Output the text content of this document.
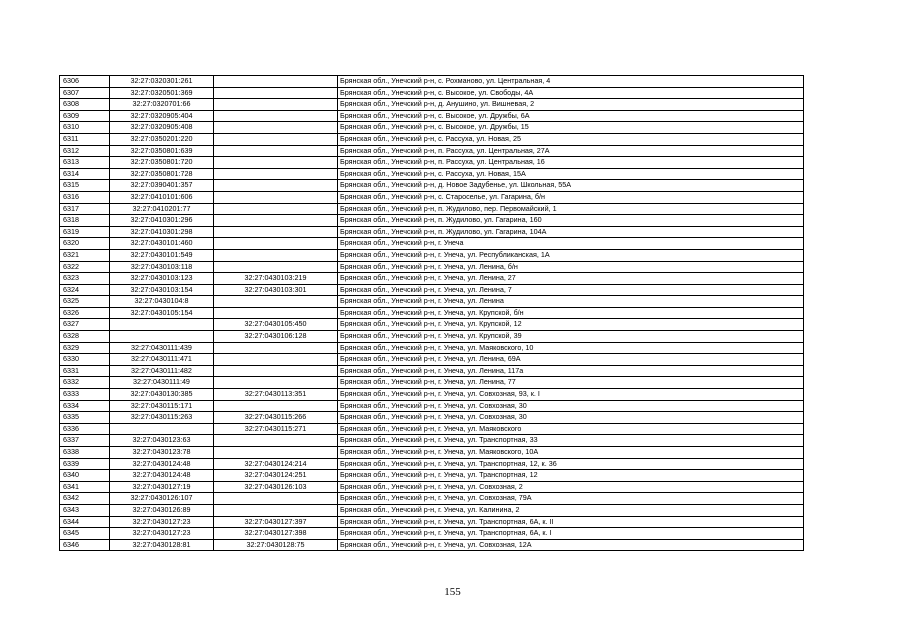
6306	32:27:0320301:261		Брянская обл., Унечский р-н, с. Рохманово, ул. Центральная, 4
6307	32:27:0320501:369		Брянская обл., Унечский р-н, с. Высокое, ул. Свободы, 4А
6308	32:27:0320701:66		Брянская обл., Унечский р-н, д. Анушино, ул. Вишневая, 2
6309	32:27:0320905:404		Брянская обл., Унечский р-н, с. Высокое, ул. Дружбы, 6А
6310	32:27:0320905:408		Брянская обл., Унечский р-н, с. Высокое, ул. Дружбы, 15
6311	32:27:0350201:220		Брянская обл., Унечский р-н, с. Рассуха, ул. Новая, 25
6312	32:27:0350801:639		Брянская обл., Унечский р-н, п. Рассуха, ул. Центральная, 27А
6313	32:27:0350801:720		Брянская обл., Унечский р-н, п. Рассуха, ул. Центральная, 16
6314	32:27:0350801:728		Брянская обл., Унечский р-н, с. Рассуха, ул. Новая, 15А
6315	32:27:0390401:357		Брянская обл., Унечский р-н, д. Новое Задубенье, ул. Школьная, 55А
6316	32:27:0410101:606		Брянская обл., Унечский р-н, с. Старосельe, ул. Гагарина, б/н
6317	32:27:0410201:77		Брянская обл., Унечский р-н, п. Жудилово, пер. Первомайский, 1
6318	32:27:0410301:296		Брянская обл., Унечский р-н, п. Жудилово, ул. Гагарина, 160
6319	32:27:0410301:298		Брянская обл., Унечский р-н, п. Жудилово, ул. Гагарина, 104А
6320	32:27:0430101:460		Брянская обл., Унечский р-н, г. Унеча
6321	32:27:0430101:549		Брянская обл., Унечский р-н, г. Унеча, ул. Республиканская, 1А
6322	32:27:0430103:118		Брянская обл., Унечский р-н, г. Унеча, ул. Ленина, б/н
6323	32:27:0430103:123	32:27:0430103:219	Брянская обл., Унечский р-н, г. Унеча, ул. Ленина, 27
6324	32:27:0430103:154	32:27:0430103:301	Брянская обл., Унечский р-н, г. Унеча, ул. Ленина, 7
6325	32:27:0430104:8		Брянская обл., Унечский р-н, г. Унеча, ул. Ленина
6326	32:27:0430105:154		Брянская обл., Унечский р-н, г. Унеча, ул. Крупской, б/н
6327		32:27:0430105:450	Брянская обл., Унечский р-н, г. Унеча, ул. Крупской, 12
6328		32:27:0430106:128	Брянская обл., Унечский р-н, г. Унеча, ул. Крупской, 39
6329	32:27:0430111:439		Брянская обл., Унечский р-н, г. Унеча, ул. Маяковского, 10
6330	32:27:0430111:471		Брянская обл., Унечский р-н, г. Унеча, ул. Ленина, 69А
6331	32:27:0430111:482		Брянская обл., Унечский р-н, г. Унеча, ул. Ленина, 117а
6332	32:27:0430111:49		Брянская обл., Унечский р-н, г. Унеча, ул. Ленина, 77
6333	32:27:0430130:385	32:27:0430113:351	Брянская обл., Унечский р-н, г. Унеча, ул. Совхозная, 93, к. I
6334	32:27:0430115:171		Брянская обл., Унечский р-н, г. Унеча, ул. Совхозная, 30
6335	32:27:0430115:263	32:27:0430115:266	Брянская обл., Унечский р-н, г. Унеча, ул. Совхозная, 30
6336		32:27:0430115:271	Брянская обл., Унечский р-н, г. Унеча, ул. Маяковского
6337	32:27:0430123:63		Брянская обл., Унечский р-н, г. Унеча, ул. Транспортная, 33
6338	32:27:0430123:78		Брянская обл., Унечский р-н, г. Унеча, ул. Маяковского, 10А
6339	32:27:0430124:48	32:27:0430124:214	Брянская обл., Унечский р-н, г. Унеча, ул. Транспортная, 12, к. 36
6340	32:27:0430124:48	32:27:0430124:251	Брянская обл., Унечский р-н, г. Унеча, ул. Транспортная, 12
6341	32:27:0430127:19	32:27:0430126:103	Брянская обл., Унечский р-н, г. Унеча, ул. Совхозная, 2
6342	32:27:0430126:107		Брянская обл., Унечский р-н, г. Унеча, ул. Совхозная, 79А
6343	32:27:0430126:89		Брянская обл., Унечский р-н, г. Унеча, ул. Калинина, 2
6344	32:27:0430127:23	32:27:0430127:397	Брянская обл., Унечский р-н, г. Унеча, ул. Транспортная, 6А, к. II
6345	32:27:0430127:23	32:27:0430127:398	Брянская обл., Унечский р-н, г. Унеча, ул. Транспортная, 6А, к. I
6346	32:27:0430128:81	32:27:0430128:75	Брянская обл., Унечский р-н, г. Унеча, ул. Совхозная, 12А
155
